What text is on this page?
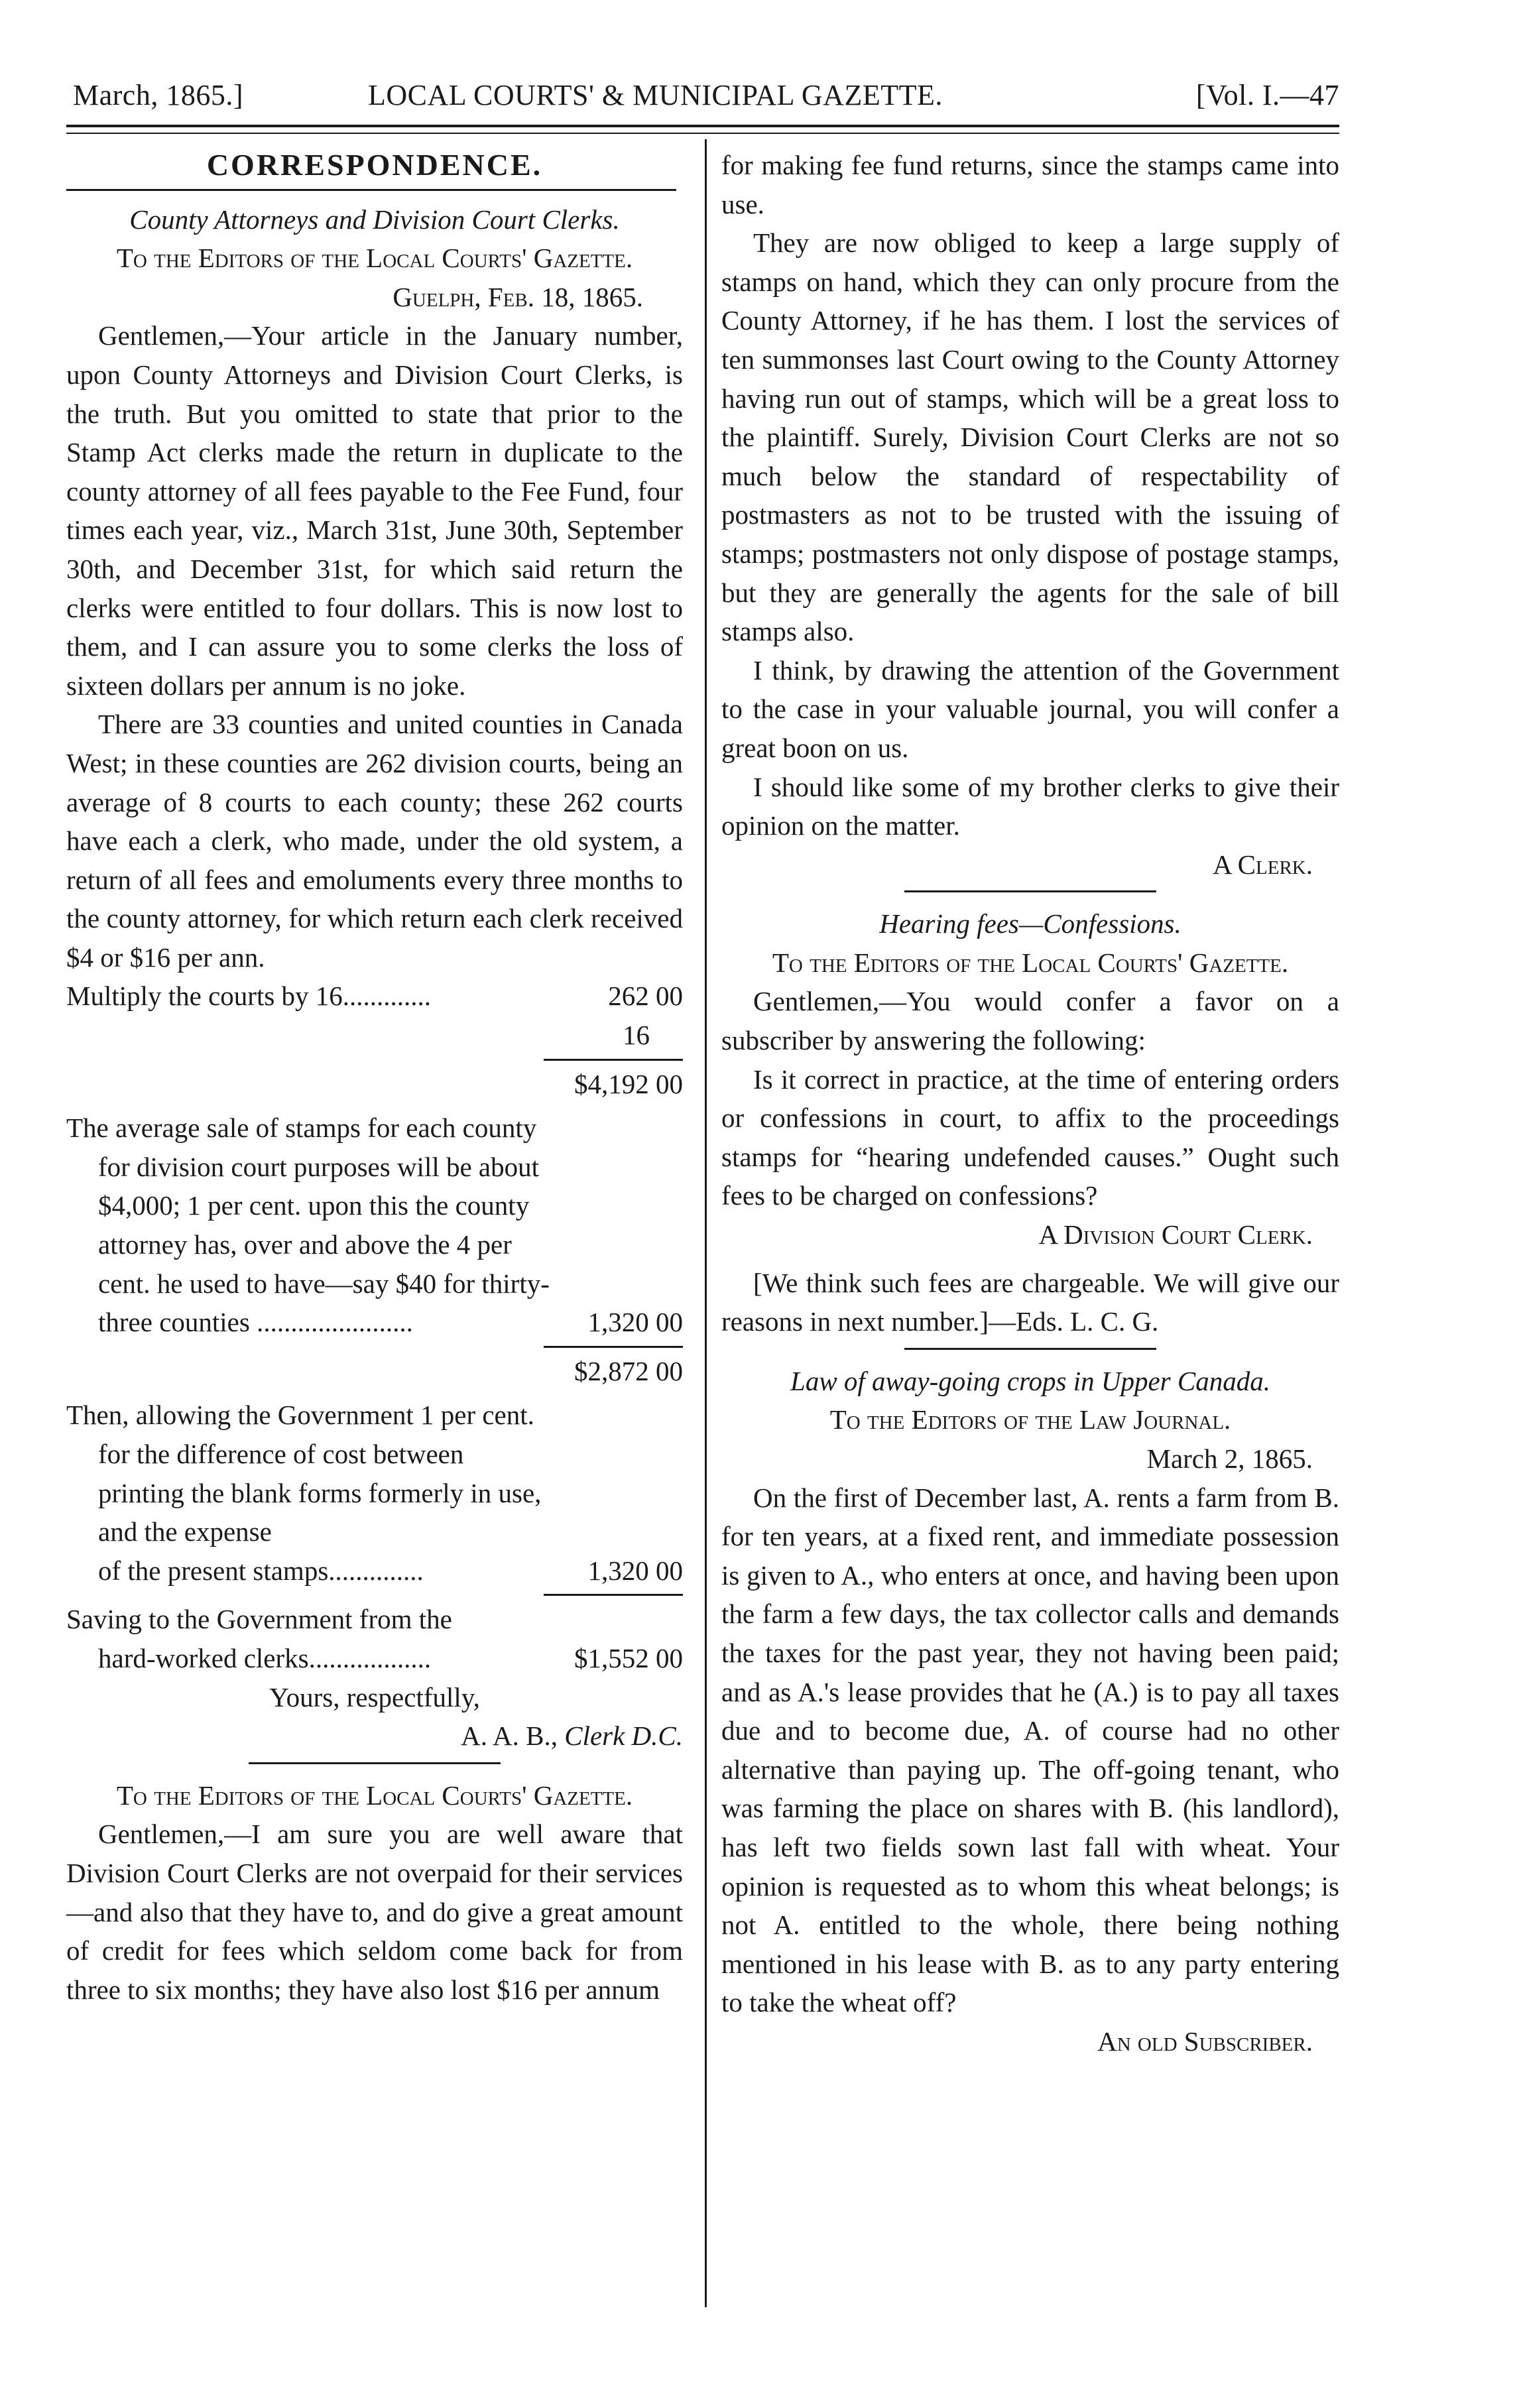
March, 1865.]	LOCAL COURTS' & MUNICIPAL GAZETTE.	[Vol. I.—47

CORRESPONDENCE.

County Attorneys and Division Court Clerks.

To the Editors of the Local Courts' Gazette.

Guelph, Feb. 18, 1865.

Gentlemen,—Your article in the January number, upon County Attorneys and Division Court Clerks, is the truth. But you omitted to state that prior to the Stamp Act clerks made the return in duplicate to the county attorney of all fees payable to the Fee Fund, four times each year, viz., March 31st, June 30th, September 30th, and December 31st, for which said return the clerks were entitled to four dollars. This is now lost to them, and I can assure you to some clerks the loss of sixteen dollars per annum is no joke.

There are 33 counties and united counties in Canada West; in these counties are 262 division courts, being an average of 8 courts to each county; these 262 courts have each a clerk, who made, under the old system, a return of all fees and emoluments every three months to the county attorney, for which return each clerk received $4 or $16 per ann.

Multiply the courts by 16.............	262 00
16
$4,192 00
The average sale of stamps for each county for division court purposes will be about $4,000; 1 per cent. upon this the county attorney has, over and above the 4 per cent. he used to have—say $40 for thirty-
three counties .......................	1,320 00
$2,872 00
Then, allowing the Government 1 per cent. for the difference of cost between printing the blank forms formerly in use, and the expense
of the present stamps..............	1,320 00
Saving to the Government from the
hard-worked clerks..................	$1,552 00

Yours, respectfully,

A. A. B., Clerk D.C.

To the Editors of the Local Courts' Gazette.

Gentlemen,—I am sure you are well aware that Division Court Clerks are not overpaid for their services—and also that they have to, and do give a great amount of credit for fees which seldom come back for from three to six months; they have also lost $16 per annum

for making fee fund returns, since the stamps came into use.

They are now obliged to keep a large supply of stamps on hand, which they can only procure from the County Attorney, if he has them. I lost the services of ten summonses last Court owing to the County Attorney having run out of stamps, which will be a great loss to the plaintiff. Surely, Division Court Clerks are not so much below the standard of respectability of postmasters as not to be trusted with the issuing of stamps; postmasters not only dispose of postage stamps, but they are generally the agents for the sale of bill stamps also.

I think, by drawing the attention of the Government to the case in your valuable journal, you will confer a great boon on us.

I should like some of my brother clerks to give their opinion on the matter.

A Clerk.

Hearing fees—Confessions.

To the Editors of the Local Courts' Gazette.

Gentlemen,—You would confer a favor on a subscriber by answering the following:

Is it correct in practice, at the time of entering orders or confessions in court, to affix to the proceedings stamps for “hearing undefended causes.” Ought such fees to be charged on confessions?

A Division Court Clerk.

[We think such fees are chargeable. We will give our reasons in next number.]—Eds. L. C. G.

Law of away-going crops in Upper Canada.

To the Editors of the Law Journal.

March 2, 1865.

On the first of December last, A. rents a farm from B. for ten years, at a fixed rent, and immediate possession is given to A., who enters at once, and having been upon the farm a few days, the tax collector calls and demands the taxes for the past year, they not having been paid; and as A.'s lease provides that he (A.) is to pay all taxes due and to become due, A. of course had no other alternative than paying up. The off-going tenant, who was farming the place on shares with B. (his landlord), has left two fields sown last fall with wheat. Your opinion is requested as to whom this wheat belongs; is not A. entitled to the whole, there being nothing mentioned in his lease with B. as to any party entering to take the wheat off?

An old Subscriber.
